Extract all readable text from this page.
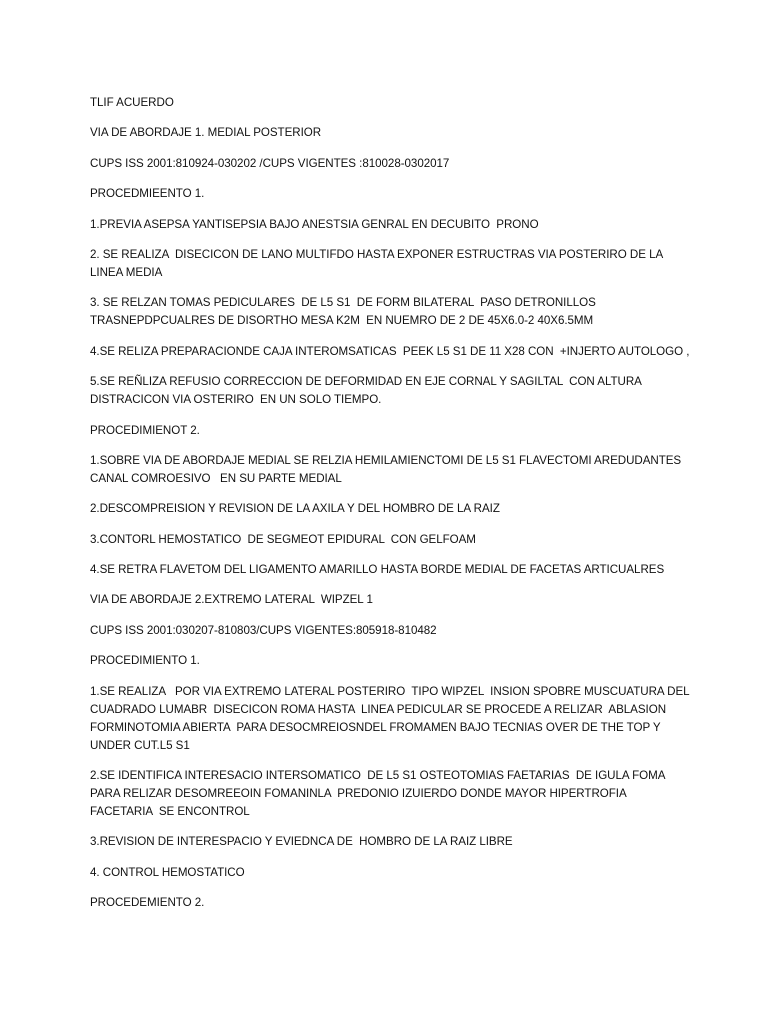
TLIF ACUERDO
VIA DE ABORDAJE 1. MEDIAL POSTERIOR
CUPS ISS 2001:810924-030202 /CUPS VIGENTES :810028-0302017
PROCEDMIEENTO 1.
1.PREVIA ASEPSA YANTISEPSIA BAJO ANESTSIA GENRAL EN DECUBITO  PRONO
2. SE REALIZA  DISECICON DE LANO MULTIFDO HASTA EXPONER ESTRUCTRAS VIA POSTERIRO DE LA
LINEA MEDIA
3. SE RELZAN TOMAS PEDICULARES  DE L5 S1  DE FORM BILATERAL  PASO DETRONILLOS
TRASNEPDPCUALRES DE DISORTHO MESA K2M  EN NUEMRO DE 2 DE 45X6.0-2 40X6.5MM
4.SE RELIZA PREPARACIONDE CAJA INTEROMSATICAS  PEEK L5 S1 DE 11 X28 CON  +INJERTO AUTOLOGO ,
5.SE REÑLIZA REFUSIO CORRECCION DE DEFORMIDAD EN EJE CORNAL Y SAGILTAL  CON ALTURA
DISTRACICON VIA OSTERIRO  EN UN SOLO TIEMPO.
PROCEDIMIENOT 2.
1.SOBRE VIA DE ABORDAJE MEDIAL SE RELZIA HEMILAMIENCTOMI DE L5 S1 FLAVECTOMI AREDUDANTES
CANAL COMROESIVO   EN SU PARTE MEDIAL
2.DESCOMPREISION Y REVISION DE LA AXILA Y DEL HOMBRO DE LA RAIZ
3.CONTORL HEMOSTATICO  DE SEGMEOT EPIDURAL  CON GELFOAM
4.SE RETRA FLAVETOM DEL LIGAMENTO AMARILLO HASTA BORDE MEDIAL DE FACETAS ARTICUALRES
VIA DE ABORDAJE 2.EXTREMO LATERAL  WIPZEL 1
CUPS ISS 2001:030207-810803/CUPS VIGENTES:805918-810482
PROCEDIMIENTO 1.
1.SE REALIZA   POR VIA EXTREMO LATERAL POSTERIRO  TIPO WIPZEL  INSION SPOBRE MUSCUATURA DEL
CUADRADO LUMABR  DISECICON ROMA HASTA  LINEA PEDICULAR SE PROCEDE A RELIZAR  ABLASION
FORMINOTOMIA ABIERTA  PARA DESOCMREIOSNDEL FROMAMEN BAJO TECNIAS OVER DE THE TOP Y
UNDER CUT.L5 S1
2.SE IDENTIFICA INTERESACIO INTERSOMATICO  DE L5 S1 OSTEOTOMIAS FAETARIAS  DE IGULA FOMA
PARA RELIZAR DESOMREEOIN FOMANINLA  PREDONIO IZUIERDO DONDE MAYOR HIPERTROFIA
FACETARIA  SE ENCONTROL
3.REVISION DE INTERESPACIO Y EVIEDNCA DE  HOMBRO DE LA RAIZ LIBRE
4. CONTROL HEMOSTATICO
PROCEDEMIENTO 2.
